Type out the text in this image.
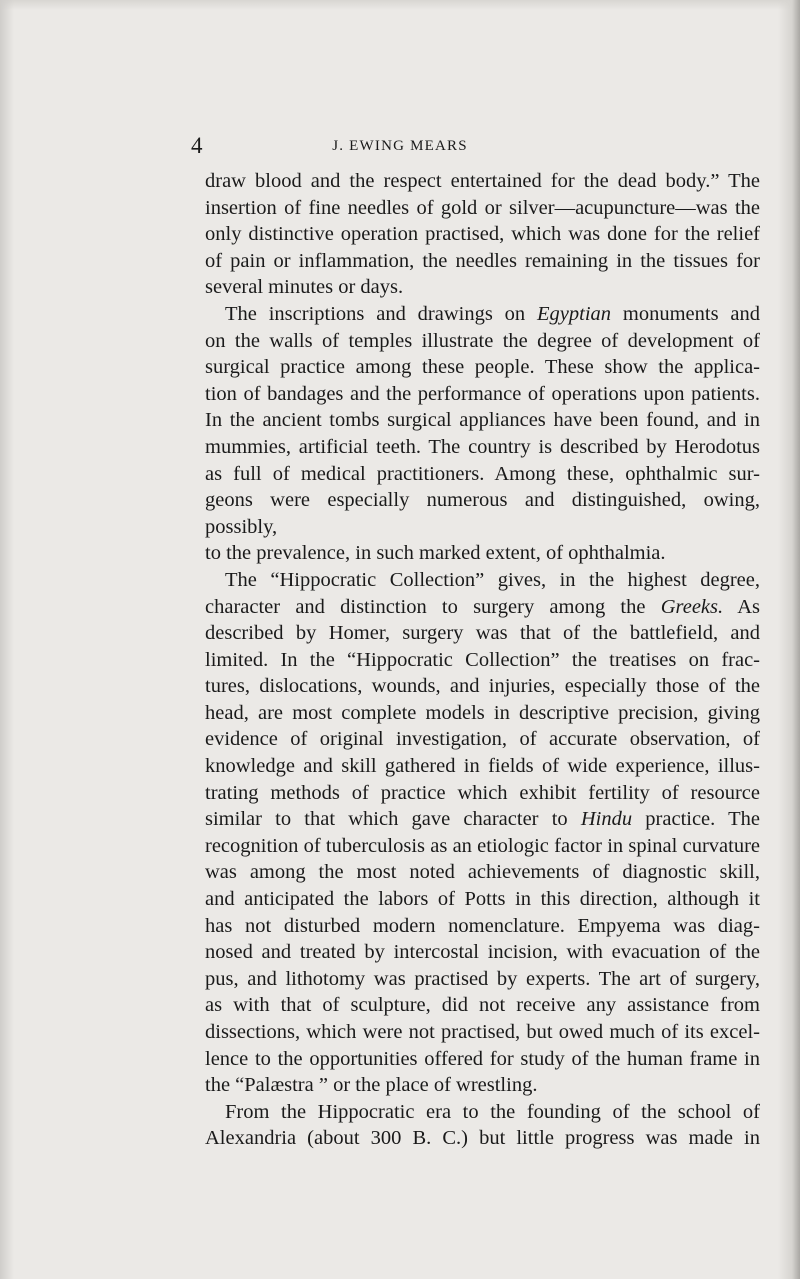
4	J. EWING MEARS

draw blood and the respect entertained for the dead body.” The
insertion of fine needles of gold or silver—acupuncture—was the
only distinctive operation practised, which was done for the relief
of pain or inflammation, the needles remaining in the tissues for

several minutes or days.

The inscriptions and drawings on Egyptian monuments and

on the walls of temples illustrate the degree of development of
surgical practice among these people. These show the applica-
tion of bandages and the performance of operations upon patients.
In the ancient tombs surgical appliances have been found, and in
mummies, artificial teeth. The country is described by Herodotus
as full of medical practitioners. Among these, ophthalmic sur-
geons were especially numerous and distinguished, owing, possibly,

to the prevalence, in such marked extent, of ophthalmia.

The “Hippocratic Collection” gives, in the highest degree,

character and distinction to surgery among the Greeks. As
described by Homer, surgery was that of the battlefield, and
limited. In the “Hippocratic Collection” the treatises on frac-
tures, dislocations, wounds, and injuries, especially those of the
head, are most complete models in descriptive precision, giving
evidence of original investigation, of accurate observation, of
knowledge and skill gathered in fields of wide experience, illus-
trating methods of practice which exhibit fertility of resource
similar to that which gave character to Hindu practice. The
recognition of tuberculosis as an etiologic factor in spinal curvature
was among the most noted achievements of diagnostic skill,
and anticipated the labors of Potts in this direction, although it
has not disturbed modern nomenclature. Empyema was diag-
nosed and treated by intercostal incision, with evacuation of the
pus, and lithotomy was practised by experts. The art of surgery,
as with that of sculpture, did not receive any assistance from
dissections, which were not practised, but owed much of its excel-
lence to the opportunities offered for study of the human frame in

the “Palæstra ” or the place of wrestling.

From the Hippocratic era to the founding of the school of

Alexandria (about 300 B. C.) but little progress was made in
